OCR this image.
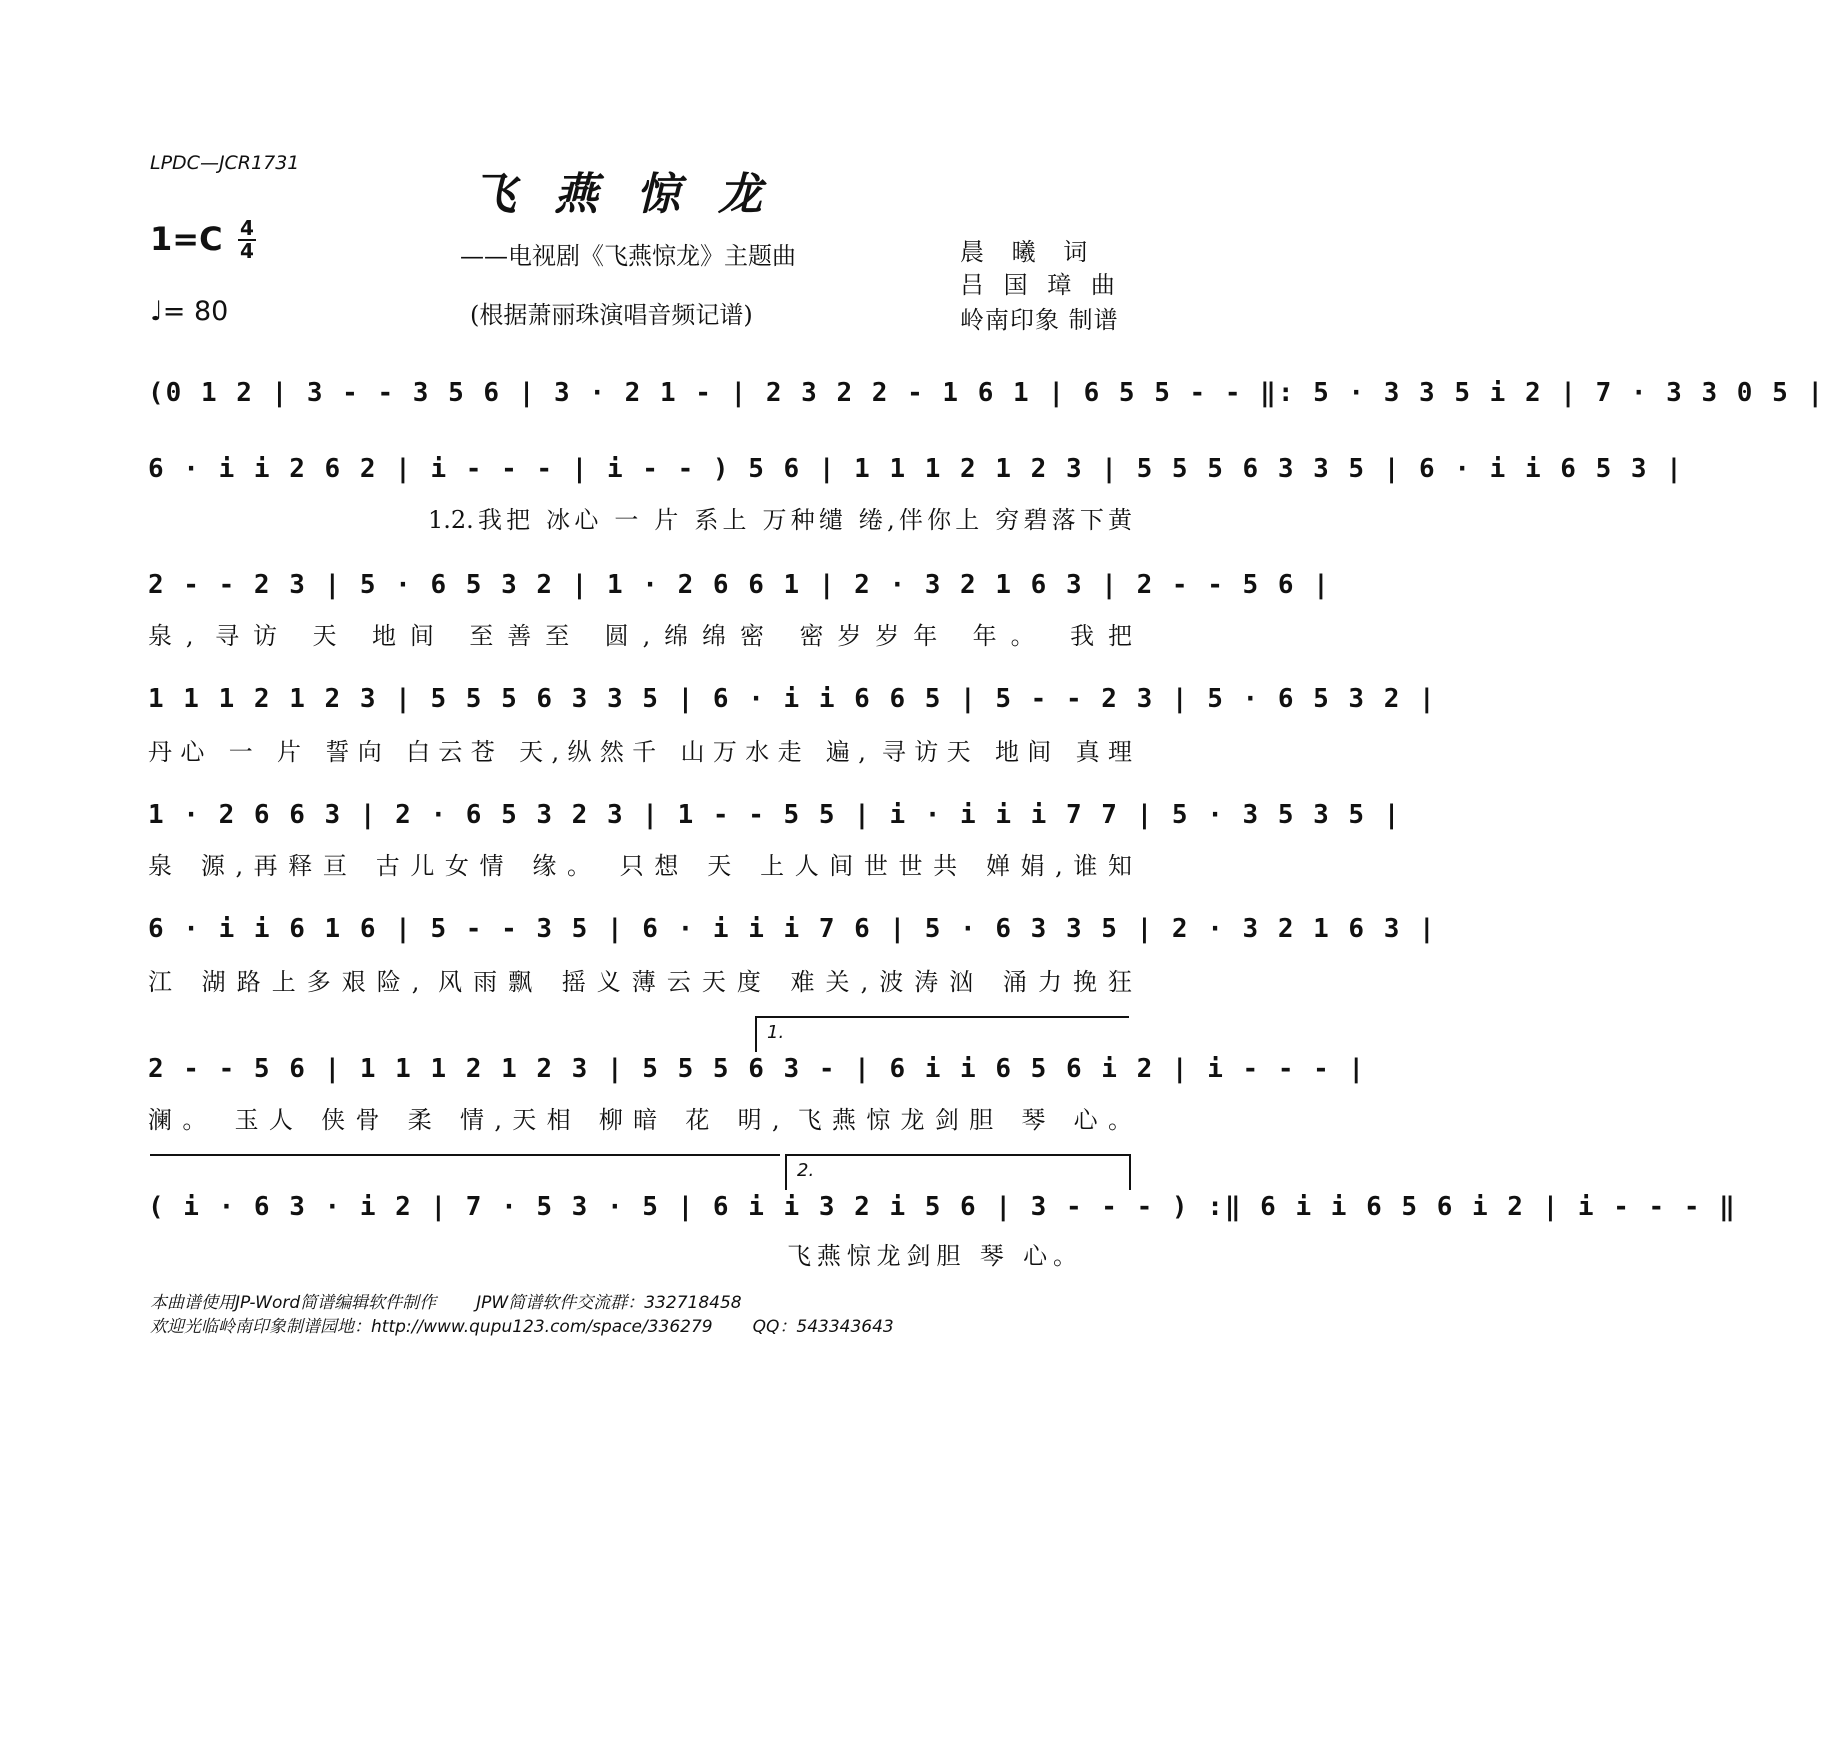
LPDC—JCR1731
飞燕惊龙
1=C 4
4
♩= 80
——电视剧《飞燕惊龙》主题曲
(根据萧丽珠演唱音频记谱)
晨 曦 词
吕 国 璋 曲
岭南印象 制谱
(0 1 2 | 3 - - 3 5 6 | 3 · 2 1 - | 2 3 2 2 - 1 6 1 | 6 5 5 - - ‖: 5 · 3 3 5 i 2 | 7 · 3 3 0 5 |
6 · i i 2 6 2 | i - - - | i - - ) 5 6 | 1 1 1 2 1 2 3 | 5 5 5 6 3 3 5 | 6 · i i 6 5 3 |
1.2.我把 冰心 一 片 系上 万种缱 绻,伴你上 穷碧落下黄
2 - - 2 3 | 5 · 6 5 3 2 | 1 · 2 6 6 1 | 2 · 3 2 1 6 3 | 2 - - 5 6 |
泉, 寻访 天 地间 至善至 圆,绵绵密 密岁岁年 年。 我把
1 1 1 2 1 2 3 | 5 5 5 6 3 3 5 | 6 · i i 6 6 5 | 5 - - 2 3 | 5 · 6 5 3 2 |
丹心 一 片 誓向 白云苍 天,纵然千 山万水走 遍, 寻访天 地间 真理
1 · 2 6 6 3 | 2 · 6 5 3 2 3 | 1 - - 5 5 | i · i i i 7 7 | 5 · 3 5 3 5 |
泉 源,再释亘 古儿女情 缘。 只想 天 上人间世世共 婵娟,谁知
6 · i i 6 1 6 | 5 - - 3 5 | 6 · i i i 7 6 | 5 · 6 3 3 5 | 2 · 3 2 1 6 3 |
江 湖路上多艰险, 风雨飘 摇义薄云天度 难关,波涛汹 涌力挽狂
1.
2 - - 5 6 | 1 1 1 2 1 2 3 | 5 5 5 6 3 - | 6 i i 6 5 6 i 2 | i - - - |
澜。 玉人 侠骨 柔 情,天相 柳暗 花 明, 飞燕惊龙剑胆 琴 心。
2.
( i · 6 3 · i 2 | 7 · 5 3 · 5 | 6 i i 3 2 i 5 6 | 3 - - - ) :‖ 6 i i 6 5 6 i 2 | i - - - ‖
飞燕惊龙剑胆 琴 心。
本曲谱使用JP-Word简谱编辑软件制作 JPW简谱软件交流群：332718458
欢迎光临岭南印象制谱园地：http://www.qupu123.com/space/336279 QQ：543343643
